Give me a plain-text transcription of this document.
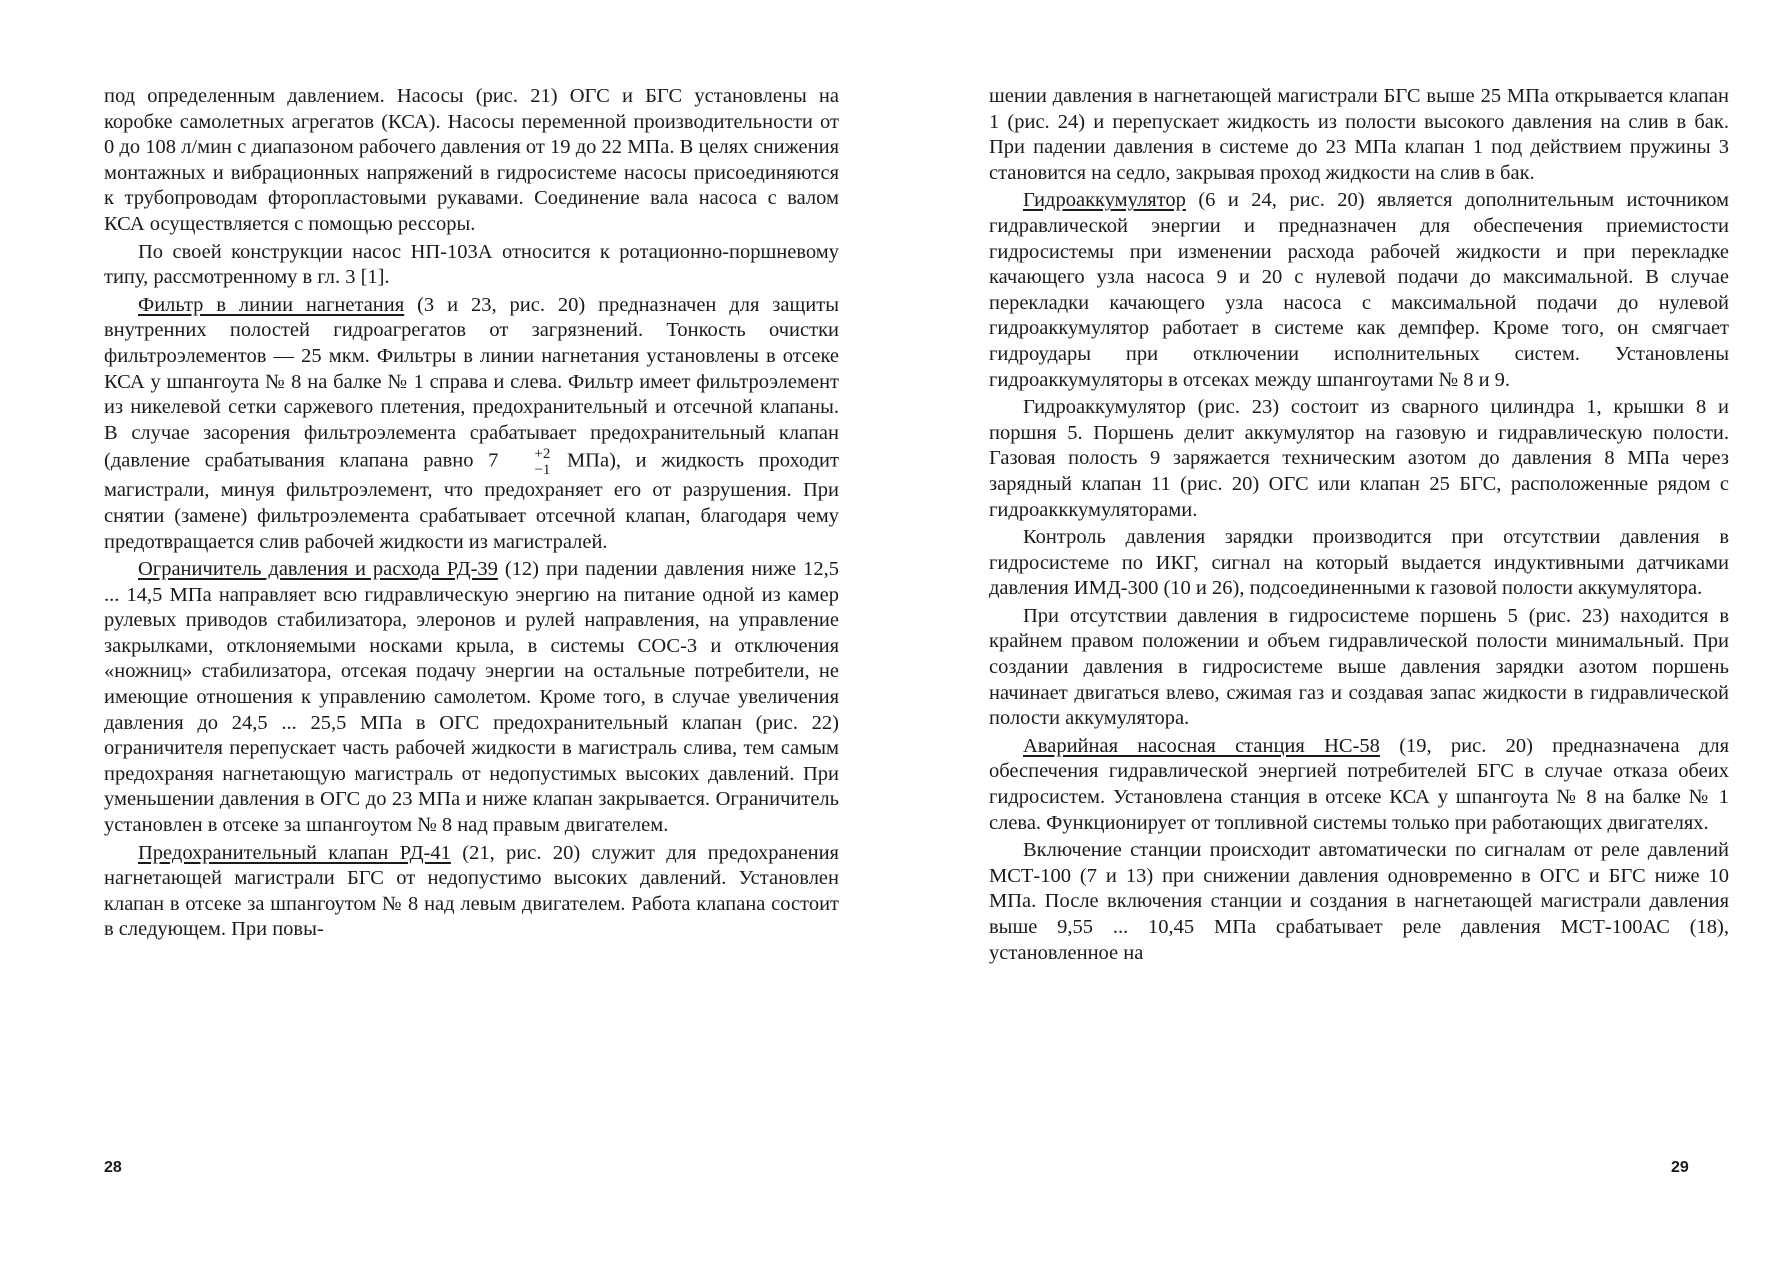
под определенным давлением. Насосы (рис. 21) ОГС и БГС установлены на коробке самолетных агрегатов (КСА). Насосы переменной производительности от 0 до 108 л/мин с диапазоном рабочего давления от 19 до 22 МПа. В целях снижения монтажных и вибрационных напряжений в гидросистеме насосы присоединяются к трубопроводам фторопластовыми рукавами. Соединение вала насоса с валом КСА осуществляется с помощью рессоры.

По своей конструкции насос НП-103А относится к ротационно-поршневому типу, рассмотренному в гл. 3 [1].

Фильтр в линии нагнетания (3 и 23, рис. 20) предназначен для защиты внутренних полостей гидроагрегатов от загрязнений. Тонкость очистки фильтроэлементов — 25 мкм. Фильтры в линии нагнетания установлены в отсеке КСА у шпангоута № 8 на балке № 1 справа и слева. Фильтр имеет фильтроэлемент из никелевой сетки саржевого плетения, предохранительный и отсечной клапаны. В случае засорения фильтроэлемента срабатывает предохранительный клапан (давление срабатывания клапана равно 7	+2
−1 МПа), и жидкость проходит магистрали, минуя фильтроэлемент, что предохраняет его от разрушения. При снятии (замене) фильтроэлемента срабатывает отсечной клапан, благодаря чему предотвращается слив рабочей жидкости из магистралей.

Ограничитель давления и расхода РД-39 (12) при падении давления ниже 12,5 ... 14,5 МПа направляет всю гидравлическую энергию на питание одной из камер рулевых приводов стабилизатора, элеронов и рулей направления, на управление закрылками, отклоняемыми носками крыла, в системы СОС-3 и отключения «ножниц» стабилизатора, отсекая подачу энергии на остальные потребители, не имеющие отношения к управлению самолетом. Кроме того, в случае увеличения давления до 24,5 ... 25,5 МПа в ОГС предохранительный клапан (рис. 22) ограничителя перепускает часть рабочей жидкости в магистраль слива, тем самым предохраняя нагнетающую магистраль от недопустимых высоких давлений. При уменьшении давления в ОГС до 23 МПа и ниже клапан закрывается. Ограничитель установлен в отсеке за шпангоутом № 8 над правым двигателем.

Предохранительный клапан РД-41 (21, рис. 20) служит для предохранения нагнетающей магистрали БГС от недопустимо высоких давлений. Установлен клапан в отсеке за шпангоутом № 8 над левым двигателем. Работа клапана состоит в следующем. При повы-

28

шении давления в нагнетающей магистрали БГС выше 25 МПа открывается клапан 1 (рис. 24) и перепускает жидкость из полости высокого давления на слив в бак. При падении давления в системе до 23 МПа клапан 1 под действием пружины 3 становится на седло, закрывая проход жидкости на слив в бак.

Гидроаккумулятор (6 и 24, рис. 20) является дополнительным источником гидравлической энергии и предназначен для обеспечения приемистости гидросистемы при изменении расхода рабочей жидкости и при перекладке качающего узла насоса 9 и 20 с нулевой подачи до максимальной. В случае перекладки качающего узла насоса с максимальной подачи до нулевой гидроаккумулятор работает в системе как демпфер. Кроме того, он смягчает гидроудары при отключении исполнительных систем. Установлены гидроаккумуляторы в отсеках между шпангоутами № 8 и 9.

Гидроаккумулятор (рис. 23) состоит из сварного цилиндра 1, крышки 8 и поршня 5. Поршень делит аккумулятор на газовую и гидравлическую полости. Газовая полость 9 заряжается техническим азотом до давления 8 МПа через зарядный клапан 11 (рис. 20) ОГС или клапан 25 БГС, расположенные рядом с гидроакккумуляторами.

Контроль давления зарядки производится при отсутствии давления в гидросистеме по ИКГ, сигнал на который выдается индуктивными датчиками давления ИМД-300 (10 и 26), подсоединенными к газовой полости аккумулятора.

При отсутствии давления в гидросистеме поршень 5 (рис. 23) находится в крайнем правом положении и объем гидравлической полости минимальный. При создании давления в гидросистеме выше давления зарядки азотом поршень начинает двигаться влево, сжимая газ и создавая запас жидкости в гидравлической полости аккумулятора.

Аварийная насосная станция НС-58 (19, рис. 20) предназначена для обеспечения гидравлической энергией потребителей БГС в случае отказа обеих гидросистем. Установлена станция в отсеке КСА у шпангоута № 8 на балке № 1 слева. Функционирует от топливной системы только при работающих двигателях.

Включение станции происходит автоматически по сигналам от реле давлений МСТ-100 (7 и 13) при снижении давления одновременно в ОГС и БГС ниже 10 МПа. После включения станции и создания в нагнетающей магистрали давления выше 9,55 ... 10,45 МПа срабатывает реле давления МСТ-100АС (18), установленное на

29
